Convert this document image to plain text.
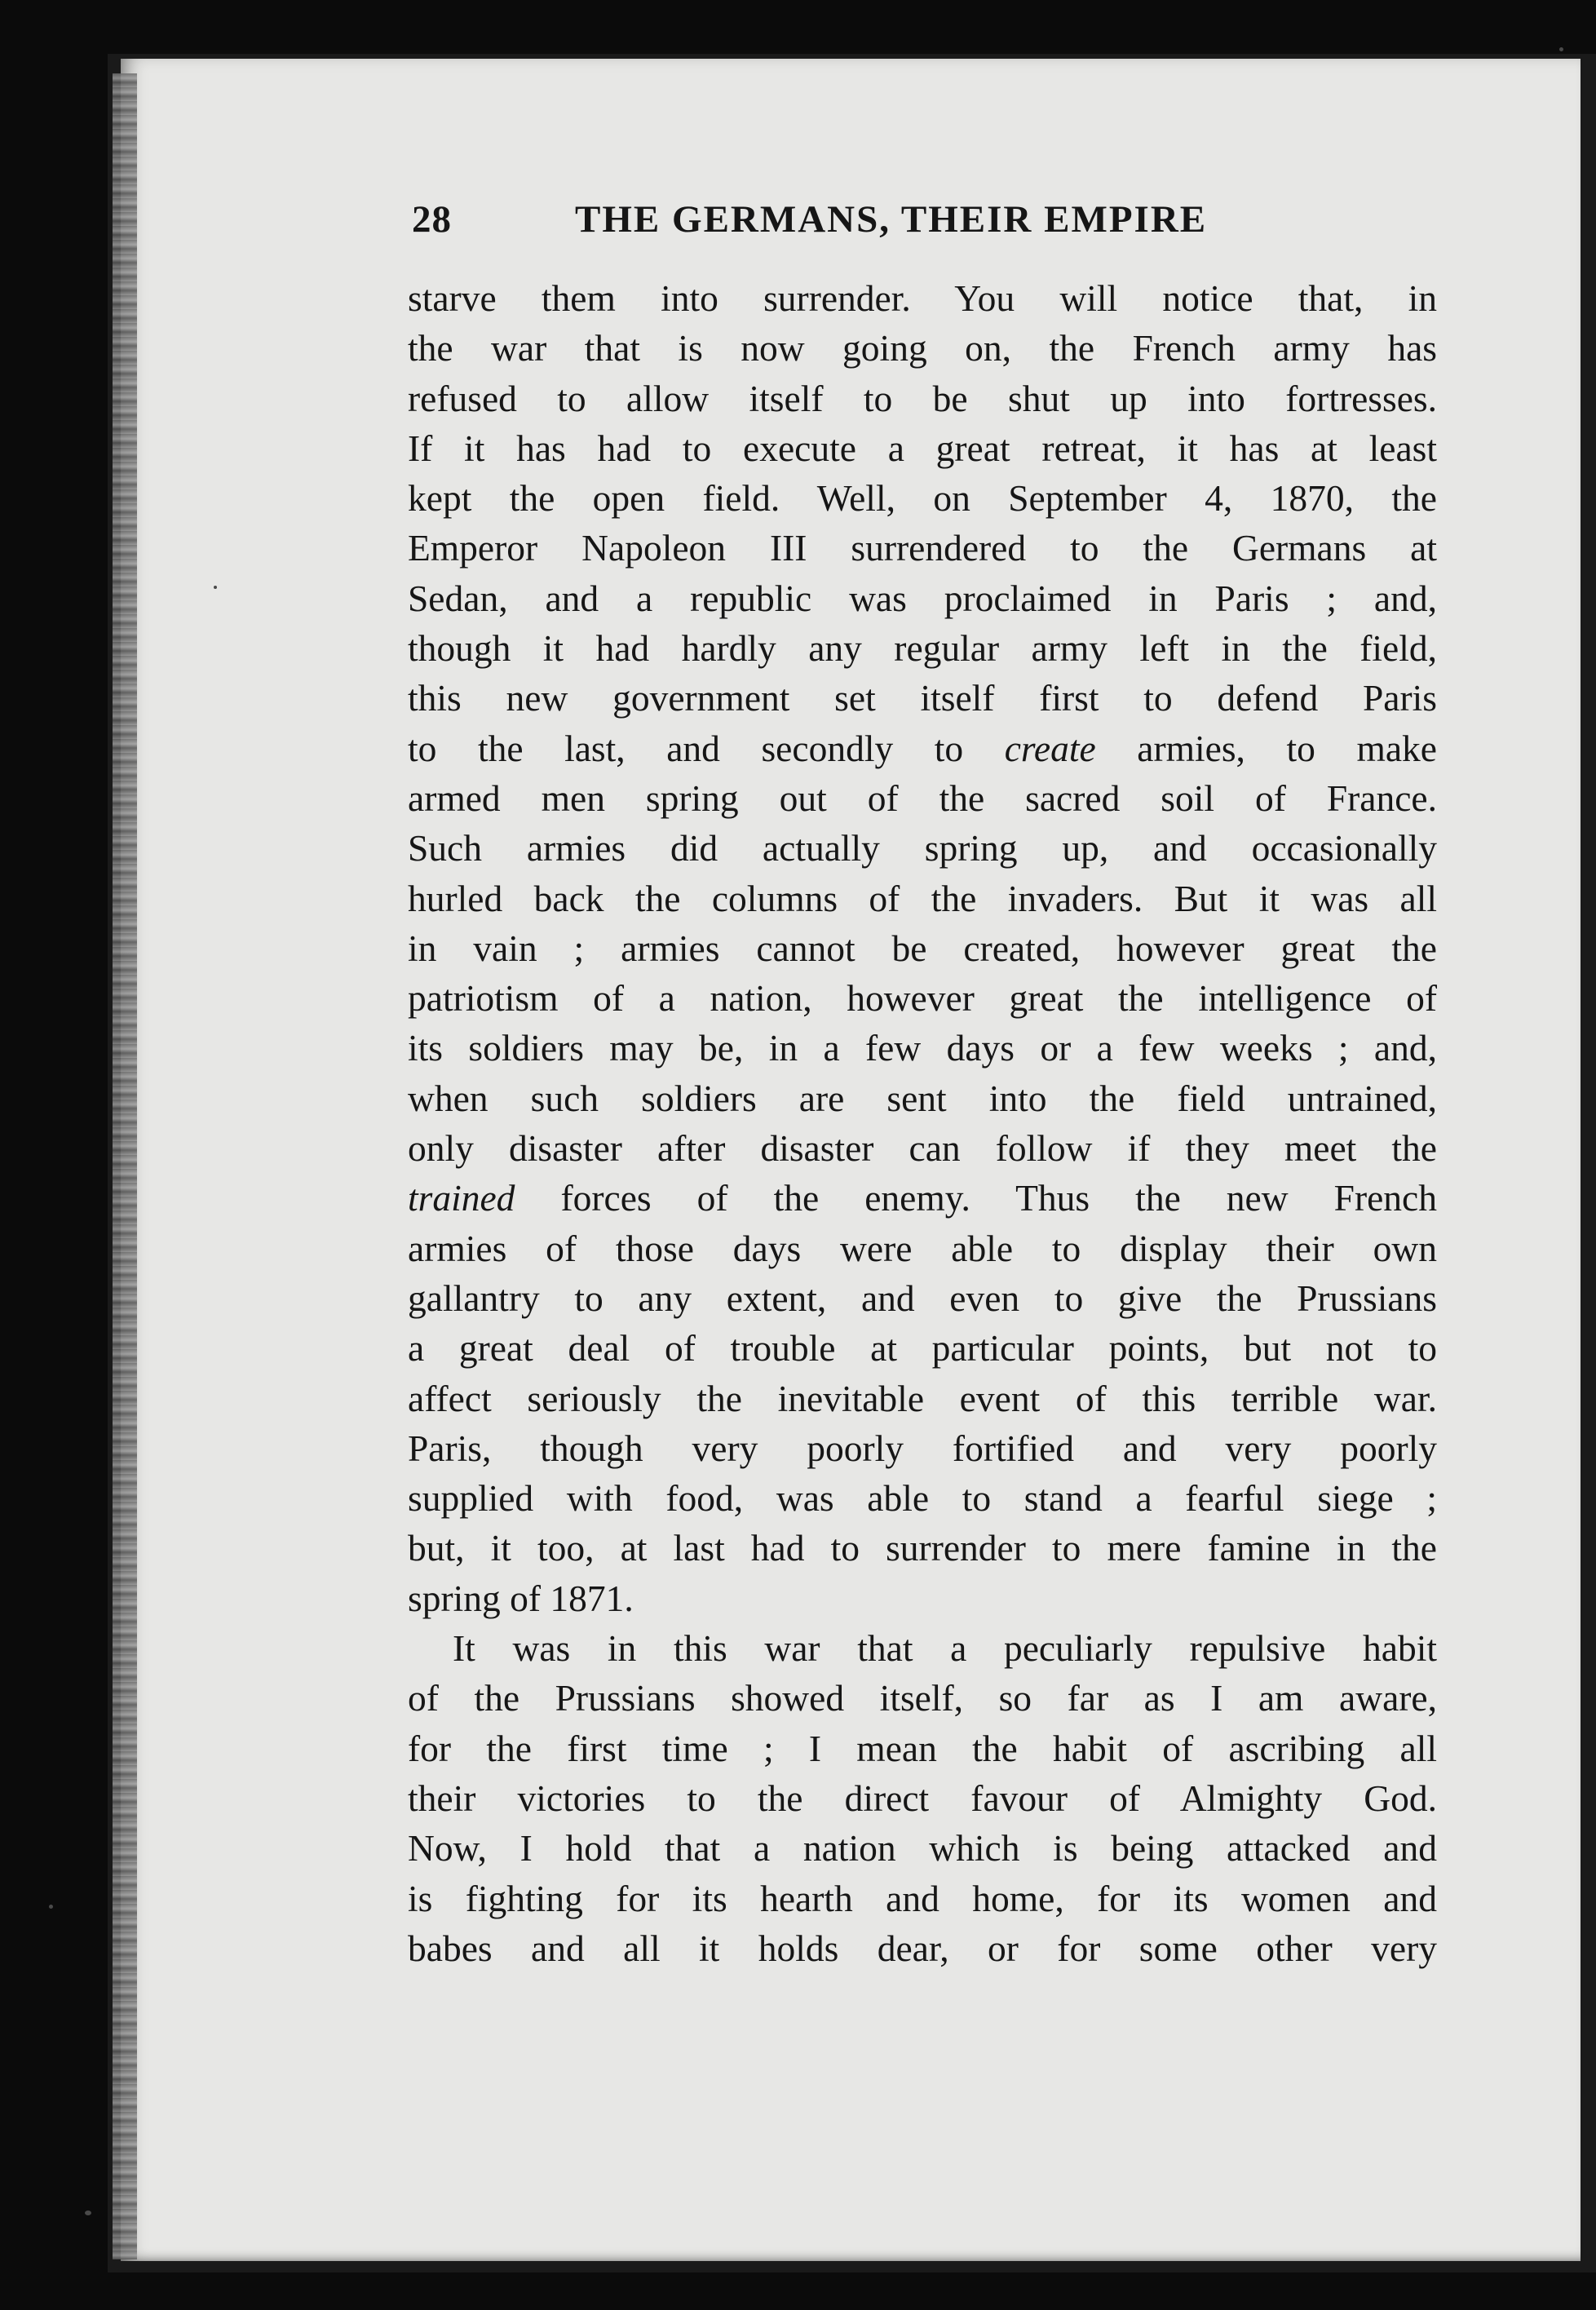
28	THE GERMANS, THEIR EMPIRE
starve them into surrender. You will notice that, in
the war that is now going on, the French army has
refused to allow itself to be shut up into fortresses.
If it has had to execute a great retreat, it has at least
kept the open field. Well, on September 4, 1870, the
Emperor Napoleon III surrendered to the Germans at
Sedan, and a republic was proclaimed in Paris ; and,
though it had hardly any regular army left in the field,
this new government set itself first to defend Paris
to the last, and secondly to create armies, to make
armed men spring out of the sacred soil of France.
Such armies did actually spring up, and occasionally
hurled back the columns of the invaders. But it was all
in vain ; armies cannot be created, however great the
patriotism of a nation, however great the intelligence of
its soldiers may be, in a few days or a few weeks ; and,
when such soldiers are sent into the field untrained,
only disaster after disaster can follow if they meet the
trained forces of the enemy. Thus the new French
armies of those days were able to display their own
gallantry to any extent, and even to give the Prussians
a great deal of trouble at particular points, but not to
affect seriously the inevitable event of this terrible war.
Paris, though very poorly fortified and very poorly
supplied with food, was able to stand a fearful siege ;
but, it too, at last had to surrender to mere famine in the
spring of 1871.
It was in this war that a peculiarly repulsive habit
of the Prussians showed itself, so far as I am aware,
for the first time ; I mean the habit of ascribing all
their victories to the direct favour of Almighty God.
Now, I hold that a nation which is being attacked and
is fighting for its hearth and home, for its women and
babes and all it holds dear, or for some other very
